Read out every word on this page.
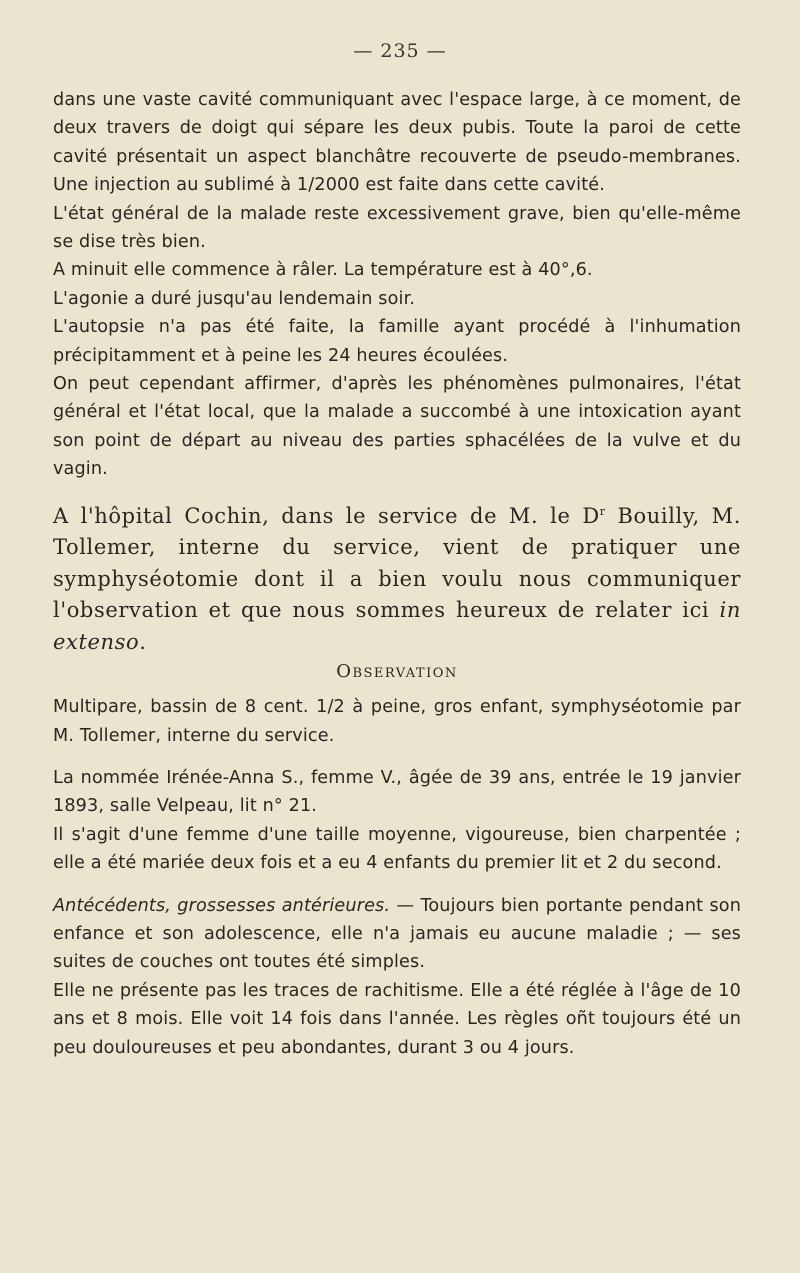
— 235 —

dans une vaste cavité communiquant avec l'espace large, à ce moment, de deux travers de doigt qui sépare les deux pubis. Toute la paroi de cette cavité présentait un aspect blanchâtre recouverte de pseudo-membranes. Une injection au sublimé à 1/2000 est faite dans cette cavité.

L'état général de la malade reste excessivement grave, bien qu'elle-même se dise très bien.

A minuit elle commence à râler. La température est à 40°,6.

L'agonie a duré jusqu'au lendemain soir.

L'autopsie n'a pas été faite, la famille ayant procédé à l'inhumation précipitamment et à peine les 24 heures écoulées.

On peut cependant affirmer, d'après les phénomènes pulmonaires, l'état général et l'état local, que la malade a succombé à une intoxication ayant son point de départ au niveau des parties sphacélées de la vulve et du vagin.

A l'hôpital Cochin, dans le service de M. le $D^r$ Bouilly, M. Tollemer, interne du service, vient de pratiquer une symphyséotomie dont il a bien voulu nous communiquer l'observation et que nous sommes heureux de relater ici in extenso.

Observation

Multipare, bassin de 8 cent. 1/2 à peine, gros enfant, symphyséotomie par M. Tollemer, interne du service.

La nommée Irénée-Anna S., femme V., âgée de 39 ans, entrée le 19 janvier 1893, salle Velpeau, lit n° 21.

Il s'agit d'une femme d'une taille moyenne, vigoureuse, bien charpentée ; elle a été mariée deux fois et a eu 4 enfants du premier lit et 2 du second.

Antécédents, grossesses antérieures. — Toujours bien portante pendant son enfance et son adolescence, elle n'a jamais eu aucune maladie ; — ses suites de couches ont toutes été simples.

Elle ne présente pas les traces de rachitisme. Elle a été réglée à l'âge de 10 ans et 8 mois. Elle voit 14 fois dans l'année. Les règles oñt toujours été un peu douloureuses et peu abondantes, durant 3 ou 4 jours.
